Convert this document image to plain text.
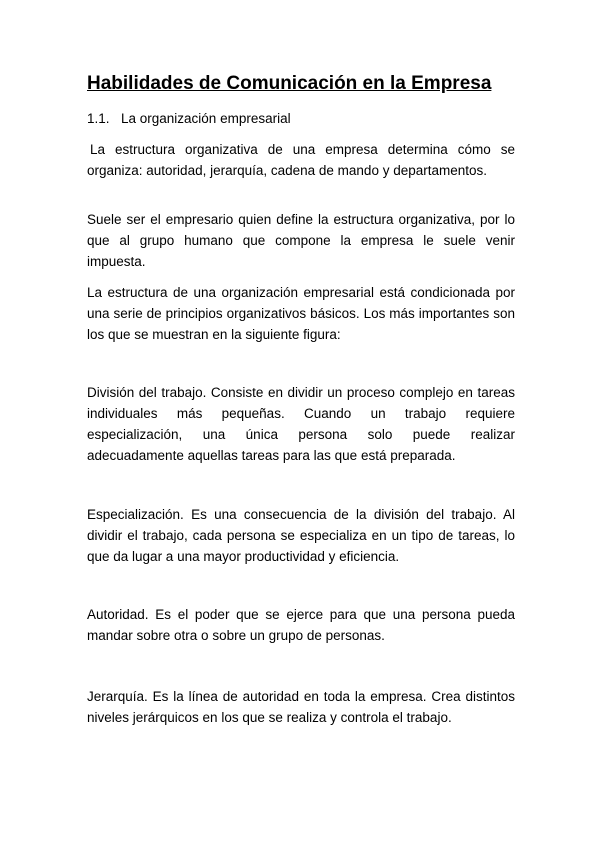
Habilidades de Comunicación en la Empresa

1.1. La organización empresarial

La estructura organizativa de una empresa determina cómo se organiza: autoridad, jerarquía, cadena de mando y departamentos.

Suele ser el empresario quien define la estructura organizativa, por lo que al grupo humano que compone la empresa le suele venir impuesta.

La estructura de una organización empresarial está condicionada por una serie de principios organizativos básicos. Los más importantes son los que se muestran en la siguiente figura:

División del trabajo. Consiste en dividir un proceso complejo en tareas individuales más pequeñas. Cuando un trabajo requiere especialización, una única persona solo puede realizar adecuadamente aquellas tareas para las que está preparada.

Especialización. Es una consecuencia de la división del trabajo. Al dividir el trabajo, cada persona se especializa en un tipo de tareas, lo que da lugar a una mayor productividad y eficiencia.

Autoridad. Es el poder que se ejerce para que una persona pueda mandar sobre otra o sobre un grupo de personas.

Jerarquía. Es la línea de autoridad en toda la empresa. Crea distintos niveles jerárquicos en los que se realiza y controla el trabajo.
